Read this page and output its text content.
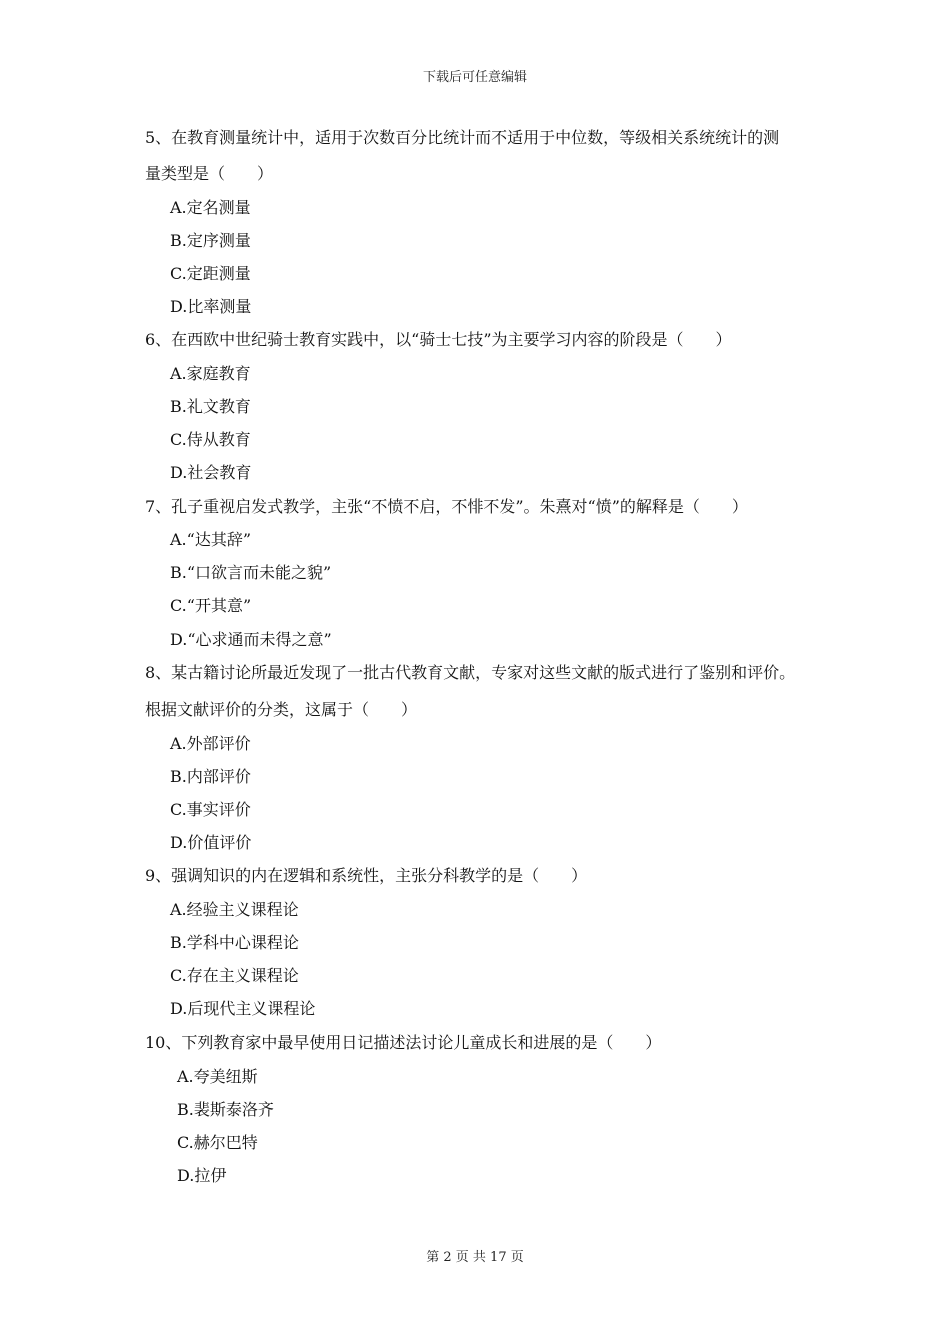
下载后可任意编辑
5、在教育测量统计中，适用于次数百分比统计而不适用于中位数，等级相关系统统计的测
量类型是（　　）
A.定名测量
B.定序测量
C.定距测量
D.比率测量
6、在西欧中世纪骑士教育实践中，以“骑士七技”为主要学习内容的阶段是（　　）
A.家庭教育
B.礼文教育
C.侍从教育
D.社会教育
7、孔子重视启发式教学，主张“不愤不启，不悱不发”。朱熹对“愤”的解释是（　　）
A.“达其辞”
B.“口欲言而未能之貌”
C.“开其意”
D.“心求通而未得之意”
8、某古籍讨论所最近发现了一批古代教育文献，专家对这些文献的版式进行了鉴别和评价。
根据文献评价的分类，这属于（　　）
A.外部评价
B.内部评价
C.事实评价
D.价值评价
9、强调知识的内在逻辑和系统性，主张分科教学的是（　　）
A.经验主义课程论
B.学科中心课程论
C.存在主义课程论
D.后现代主义课程论
10、下列教育家中最早使用日记描述法讨论儿童成长和进展的是（　　）
A.夸美纽斯
B.裴斯泰洛齐
C.赫尔巴特
D.拉伊
第 2 页 共 17 页
